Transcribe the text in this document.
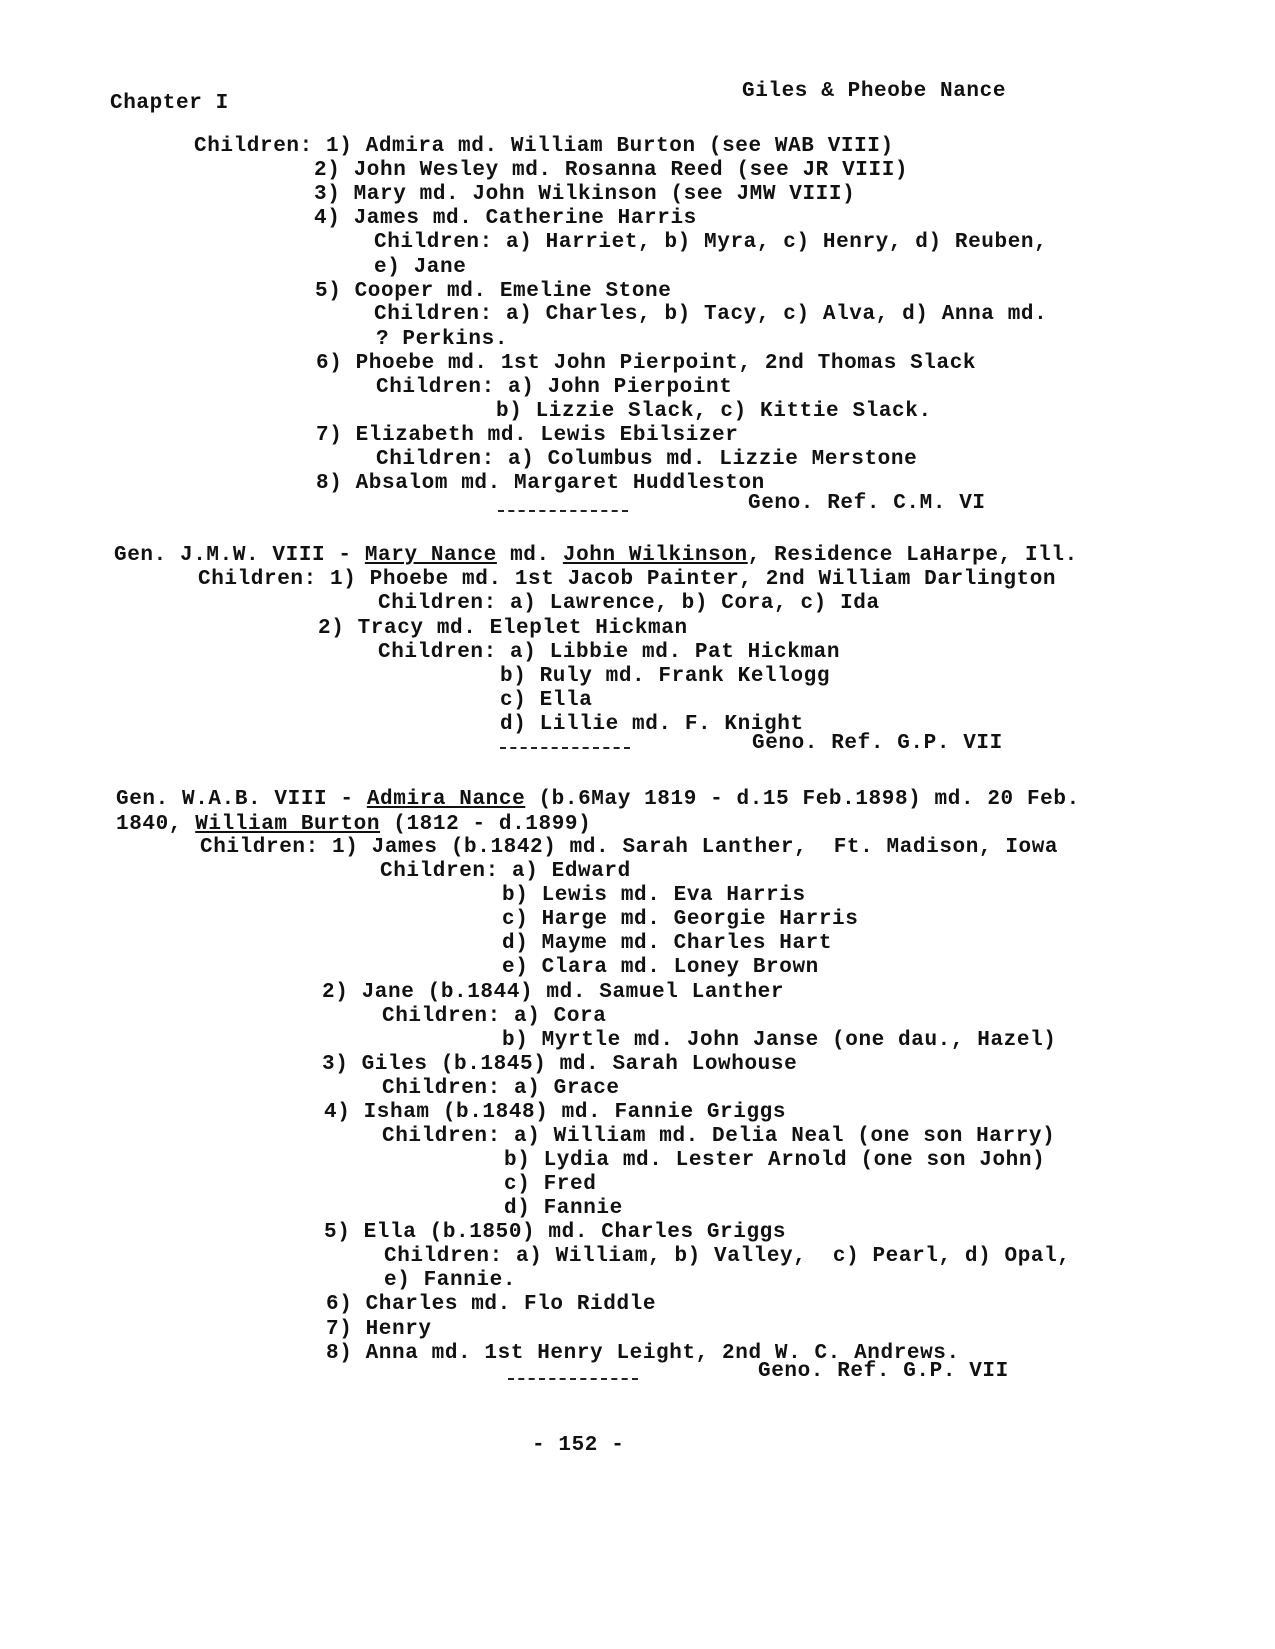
Chapter I
Giles & Pheobe Nance
Children: 1) Admira md. William Burton (see WAB VIII)
2) John Wesley md. Rosanna Reed (see JR VIII)
3) Mary md. John Wilkinson (see JMW VIII)
4) James md. Catherine Harris
Children: a) Harriet, b) Myra, c) Henry, d) Reuben,
e) Jane
5) Cooper md. Emeline Stone
Children: a) Charles, b) Tacy, c) Alva, d) Anna md.
? Perkins.
6) Phoebe md. 1st John Pierpoint, 2nd Thomas Slack
Children: a) John Pierpoint
b) Lizzie Slack, c) Kittie Slack.
7) Elizabeth md. Lewis Ebilsizer
Children: a) Columbus md. Lizzie Merstone
8) Absalom md. Margaret Huddleston
Geno. Ref. C.M. VI
Gen. J.M.W. VIII - Mary Nance md. John Wilkinson, Residence LaHarpe, Ill.
Children: 1) Phoebe md. 1st Jacob Painter, 2nd William Darlington
Children: a) Lawrence, b) Cora, c) Ida
2) Tracy md. Eleplet Hickman
Children: a) Libbie md. Pat Hickman
b) Ruly md. Frank Kellogg
c) Ella
d) Lillie md. F. Knight
Geno. Ref. G.P. VII
Gen. W.A.B. VIII - Admira Nance (b.6May 1819 - d.15 Feb.1898) md. 20 Feb.
1840, William Burton (1812 - d.1899)
Children: 1) James (b.1842) md. Sarah Lanther,  Ft. Madison, Iowa
Children: a) Edward
b) Lewis md. Eva Harris
c) Harge md. Georgie Harris
d) Mayme md. Charles Hart
e) Clara md. Loney Brown
2) Jane (b.1844) md. Samuel Lanther
Children: a) Cora
b) Myrtle md. John Janse (one dau., Hazel)
3) Giles (b.1845) md. Sarah Lowhouse
Children: a) Grace
4) Isham (b.1848) md. Fannie Griggs
Children: a) William md. Delia Neal (one son Harry)
b) Lydia md. Lester Arnold (one son John)
c) Fred
d) Fannie
5) Ella (b.1850) md. Charles Griggs
Children: a) William, b) Valley,  c) Pearl, d) Opal,
e) Fannie.
6) Charles md. Flo Riddle
7) Henry
8) Anna md. 1st Henry Leight, 2nd W. C. Andrews.
Geno. Ref. G.P. VII
- 152 -
